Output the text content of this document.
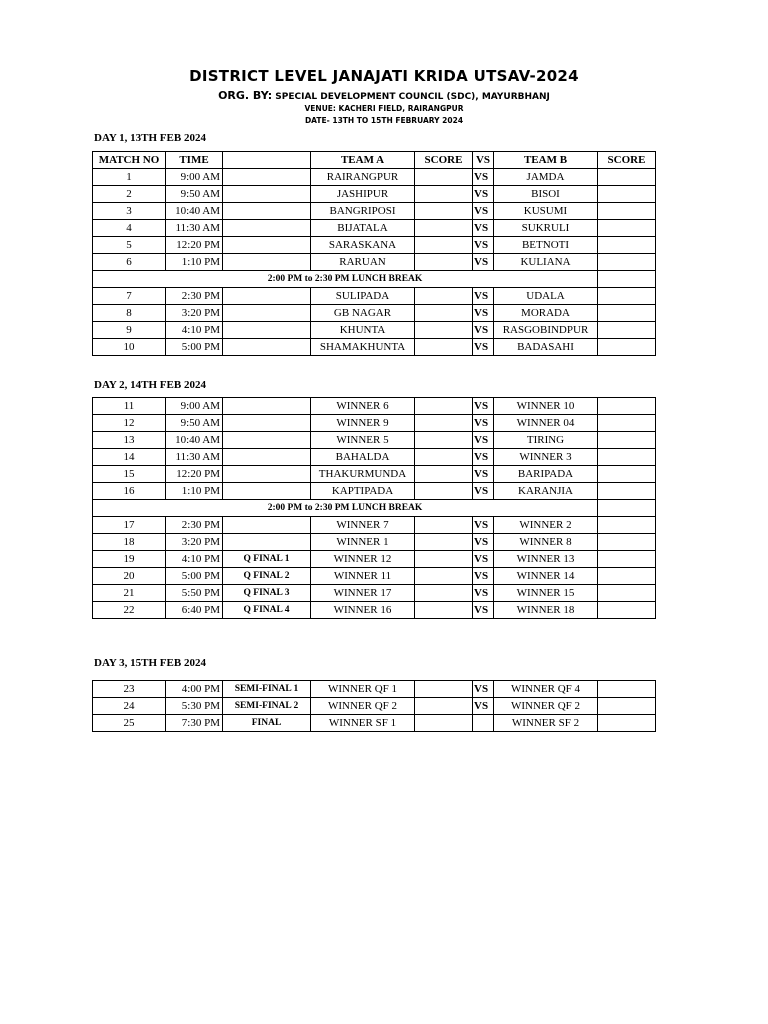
DISTRICT LEVEL JANAJATI KRIDA UTSAV-2024
ORG. BY: SPECIAL DEVELOPMENT COUNCIL (SDC), MAYURBHANJ
VENUE: KACHERI FIELD, RAIRANGPUR
DATE- 13TH TO 15TH FEBRUARY 2024
DAY 1, 13TH FEB 2024
MATCH NO	TIME		TEAM A	SCORE	VS	TEAM B	SCORE
1	9:00 AM		RAIRANGPUR		VS	JAMDA	
2	9:50 AM		JASHIPUR		VS	BISOI	
3	10:40 AM		BANGRIPOSI		VS	KUSUMI	
4	11:30 AM		BIJATALA		VS	SUKRULI	
5	12:20 PM		SARASKANA		VS	BETNOTI	
6	1:10 PM		RARUAN		VS	KULIANA	
2:00 PM to 2:30 PM LUNCH BREAK							
7	2:30 PM		SULIPADA		VS	UDALA	
8	3:20 PM		GB NAGAR		VS	MORADA	
9	4:10 PM		KHUNTA		VS	RASGOBINDPUR	
10	5:00 PM		SHAMAKHUNTA		VS	BADASAHI	
DAY 2, 14TH FEB 2024
11	9:00 AM		WINNER 6		VS	WINNER 10	
12	9:50 AM		WINNER 9		VS	WINNER 04	
13	10:40 AM		WINNER 5		VS	TIRING	
14	11:30 AM		BAHALDA		VS	WINNER 3	
15	12:20 PM		THAKURMUNDA		VS	BARIPADA	
16	1:10 PM		KAPTIPADA		VS	KARANJIA	
2:00 PM to 2:30 PM LUNCH BREAK							
17	2:30 PM		WINNER 7		VS	WINNER 2	
18	3:20 PM		WINNER 1		VS	WINNER 8	
19	4:10 PM	Q FINAL 1	WINNER 12		VS	WINNER 13	
20	5:00 PM	Q FINAL 2	WINNER 11		VS	WINNER 14	
21	5:50 PM	Q FINAL 3	WINNER 17		VS	WINNER 15	
22	6:40 PM	Q FINAL 4	WINNER 16		VS	WINNER 18	
DAY 3, 15TH FEB 2024
23	4:00 PM	SEMI-FINAL 1	WINNER QF 1		VS	WINNER QF 4	
24	5:30 PM	SEMI-FINAL 2	WINNER QF 2		VS	WINNER QF 2	
25	7:30 PM	FINAL	WINNER SF 1			WINNER SF 2	
